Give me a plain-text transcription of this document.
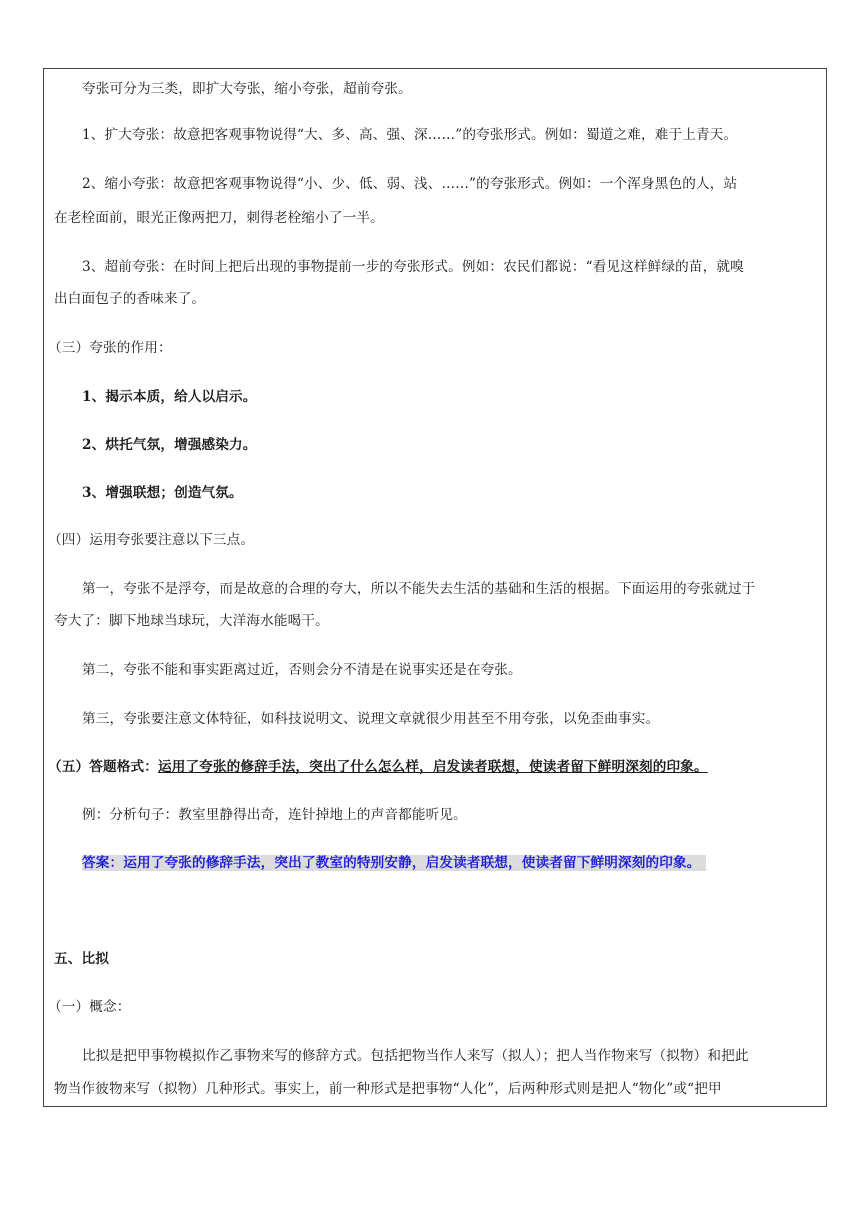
夸张可分为三类，即扩大夸张，缩小夸张，超前夸张。

1、扩大夸张：故意把客观事物说得“大、多、高、强、深……”的夸张形式。例如：蜀道之难，难于上青天。

2、缩小夸张：故意把客观事物说得“小、少、低、弱、浅、……”的夸张形式。例如：一个浑身黑色的人，站

在老栓面前，眼光正像两把刀，刺得老栓缩小了一半。

3、超前夸张：在时间上把后出现的事物提前一步的夸张形式。例如：农民们都说：“看见这样鲜绿的苗，就嗅

出白面包子的香味来了。

（三）夸张的作用：

1、揭示本质，给人以启示。

2、烘托气氛，增强感染力。

3、增强联想；创造气氛。

（四）运用夸张要注意以下三点。

第一，夸张不是浮夸，而是故意的合理的夸大，所以不能失去生活的基础和生活的根据。下面运用的夸张就过于

夸大了：脚下地球当球玩，大洋海水能喝干。

第二，夸张不能和事实距离过近，否则会分不清是在说事实还是在夸张。

第三，夸张要注意文体特征，如科技说明文、说理文章就很少用甚至不用夸张，以免歪曲事实。

（五）答题格式：运用了夸张的修辞手法，突出了什么怎么样，启发读者联想，使读者留下鲜明深刻的印象。

例：分析句子：教室里静得出奇，连针掉地上的声音都能听见。

答案：运用了夸张的修辞手法，突出了教室的特别安静，启发读者联想，使读者留下鲜明深刻的印象。

五、比拟

（一）概念：

比拟是把甲事物模拟作乙事物来写的修辞方式。包括把物当作人来写（拟人）；把人当作物来写（拟物）和把此

物当作彼物来写（拟物）几种形式。事实上，前一种形式是把事物“人化”，后两种形式则是把人“物化”或“把甲
